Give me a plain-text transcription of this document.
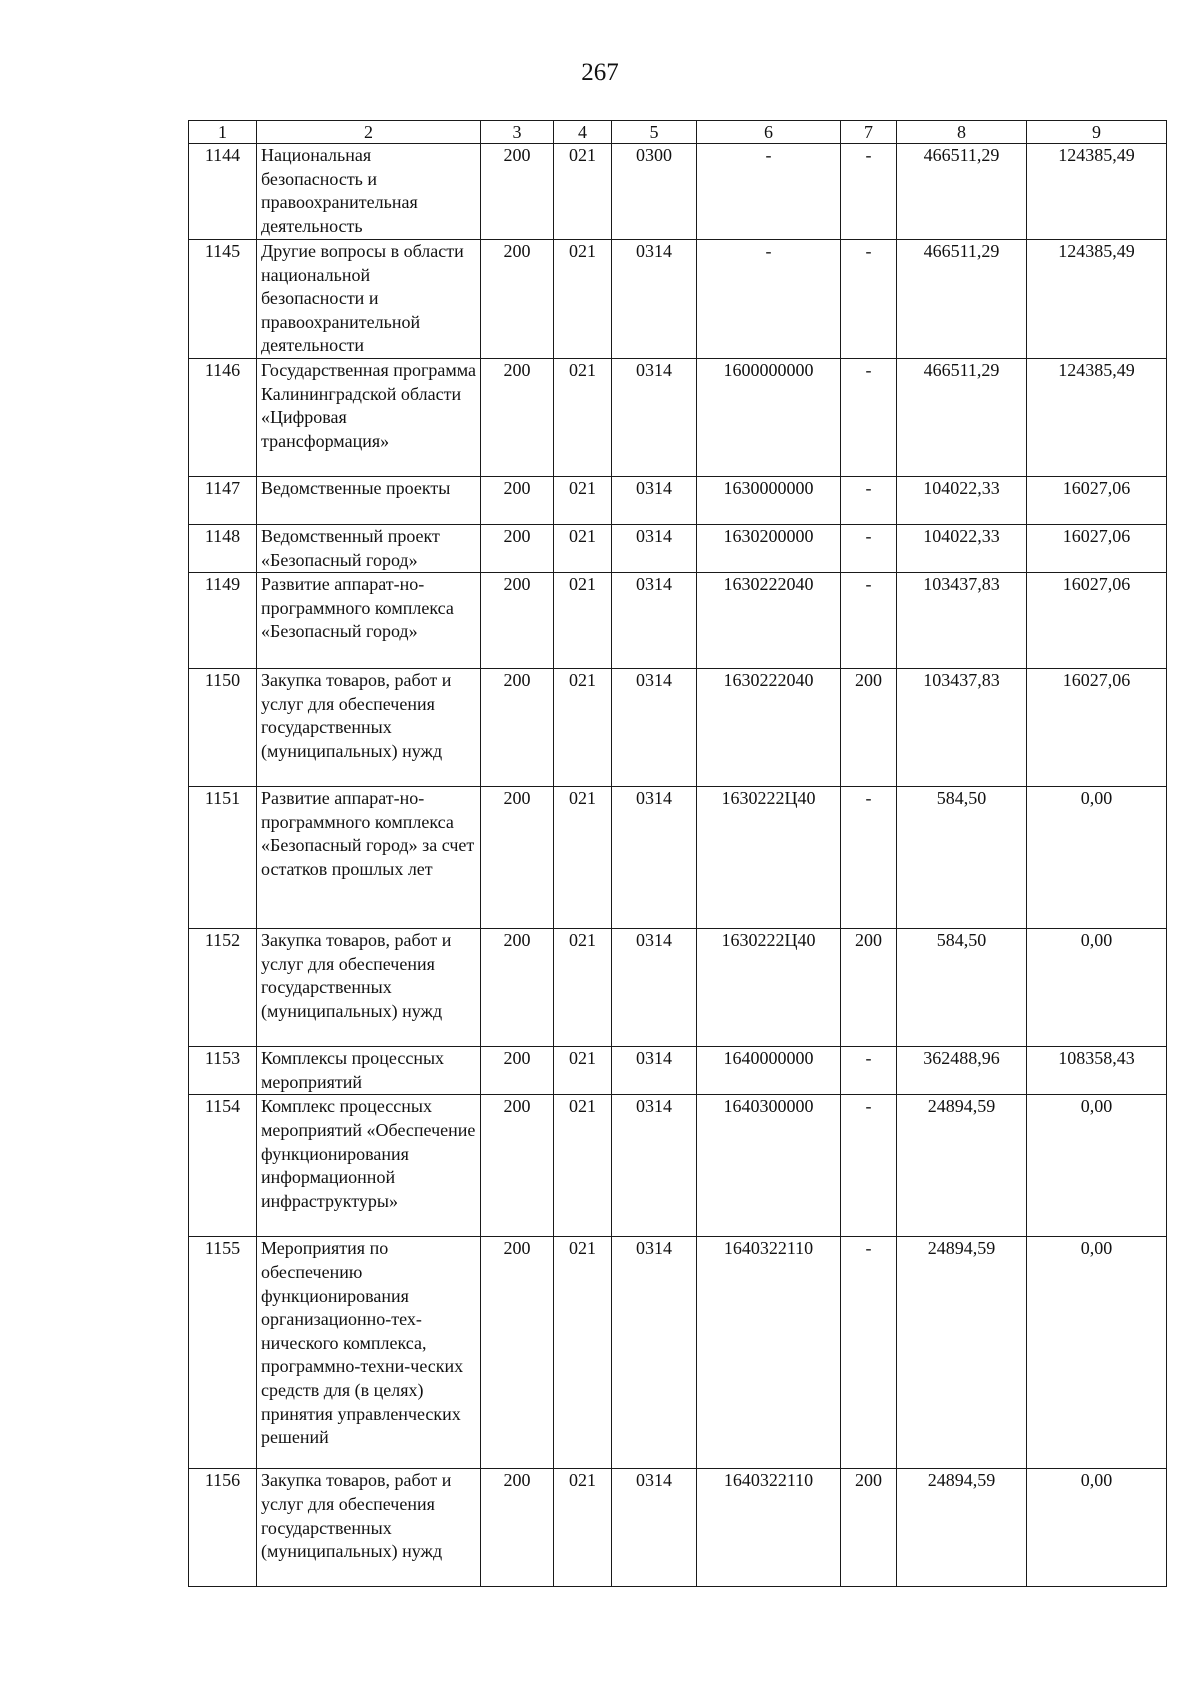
267
1	2	3	4	5	6	7	8	9
1144	Национальная безопасность и правоохранительная деятельность	200	021	0300	-	-	466511,29	124385,49
1145	Другие вопросы в области национальной безопасности и правоохранительной деятельности	200	021	0314	-	-	466511,29	124385,49
1146	Государственная программа Калининградской области «Цифровая трансформация»	200	021	0314	1600000000	-	466511,29	124385,49
1147	Ведомственные проекты	200	021	0314	1630000000	-	104022,33	16027,06
1148	Ведомственный проект «Безопасный город»	200	021	0314	1630200000	-	104022,33	16027,06
1149	Развитие аппарат-но-программного комплекса «Безопасный город»	200	021	0314	1630222040	-	103437,83	16027,06
1150	Закупка товаров, работ и услуг для обеспечения государственных (муниципальных) нужд	200	021	0314	1630222040	200	103437,83	16027,06
1151	Развитие аппарат-но-программного комплекса «Безопасный город» за счет остатков прошлых лет	200	021	0314	1630222Ц40	-	584,50	0,00
1152	Закупка товаров, работ и услуг для обеспечения государственных (муниципальных) нужд	200	021	0314	1630222Ц40	200	584,50	0,00
1153	Комплексы процессных мероприятий	200	021	0314	1640000000	-	362488,96	108358,43
1154	Комплекс процессных мероприятий «Обеспечение функционирования информационной инфраструктуры»	200	021	0314	1640300000	-	24894,59	0,00
1155	Мероприятия по обеспечению функционирования организационно-тех-нического комплекса, программно-техни-ческих средств для (в целях) принятия управленческих решений	200	021	0314	1640322110	-	24894,59	0,00
1156	Закупка товаров, работ и услуг для обеспечения государственных (муниципальных) нужд	200	021	0314	1640322110	200	24894,59	0,00
